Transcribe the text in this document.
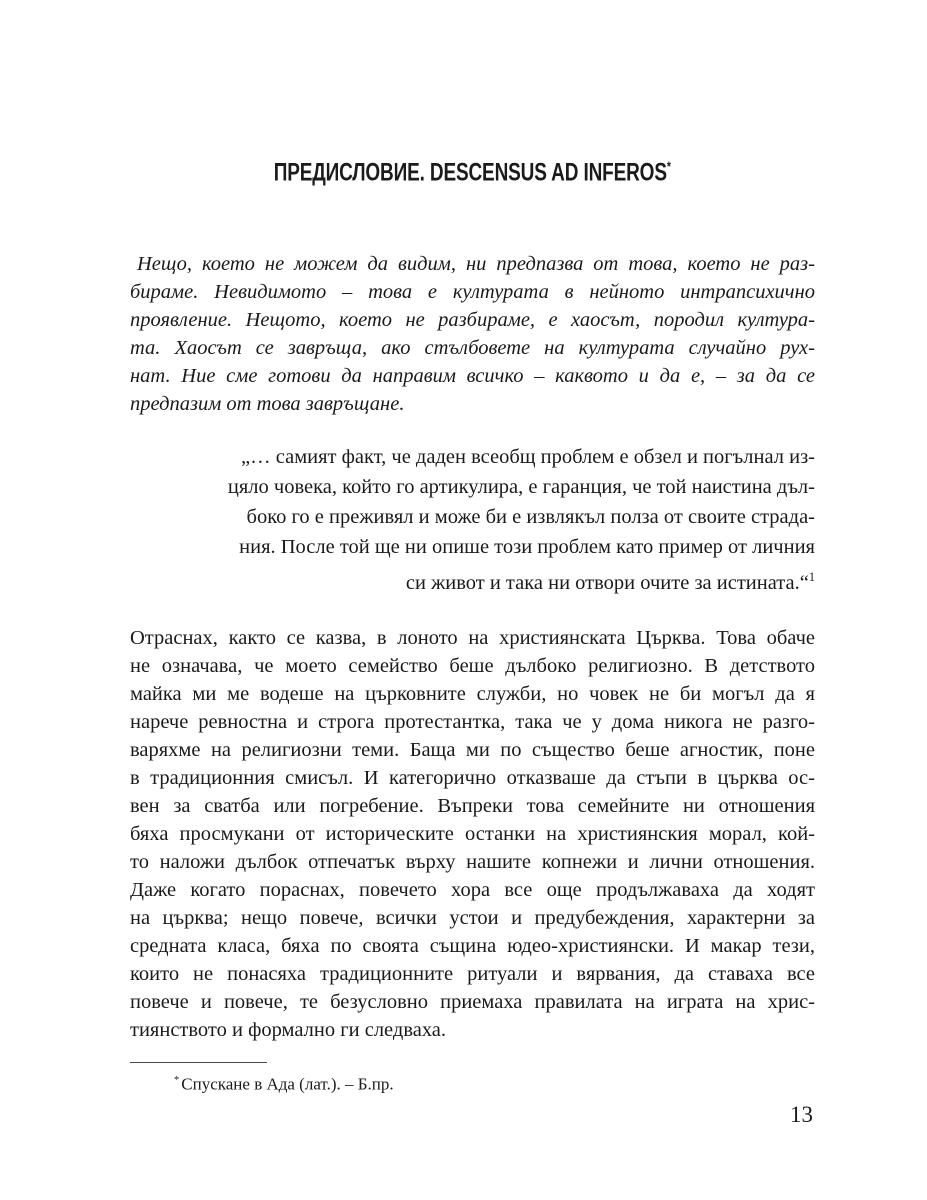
ПРЕДИСЛОВИЕ. DESCENSUS AD INFEROS*
Нещо, което не можем да видим, ни предпазва от това, което не раз-
бираме. Невидимото – това е културата в нейното интрапсихично
проявление. Нещото, което не разбираме, е хаосът, породил култура-
та. Хаосът се завръща, ако стълбовете на културата случайно рух-
нат. Ние сме готови да направим всичко – каквото и да е, – за да се
предпазим от това завръщане.
„… самият факт, че даден всеобщ проблем е обзел и погълнал из-
цяло човека, който го артикулира, е гаранция, че той наистина дъл-
боко го е преживял и може би е извлякъл полза от своите страда-
ния. После той ще ни опише този проблем като пример от личния
си живот и така ни отвори очите за истината.“$^1$
Отраснах, както се казва, в лоното на християнската Църква. Това обаче
не означава, че моето семейство беше дълбоко религиозно. В детството
майка ми ме водеше на църковните служби, но човек не би могъл да я
нарече ревностна и строга протестантка, така че у дома никога не разго-
варяхме на религиозни теми. Баща ми по същество беше агностик, поне
в традиционния смисъл. И категорично отказваше да стъпи в църква ос-
вен за сватба или погребение. Въпреки това семейните ни отношения
бяха просмукани от историческите останки на християнския морал, кой-
то наложи дълбок отпечатък върху нашите копнежи и лични отношения.
Даже когато пораснах, повечето хора все още продължаваха да ходят
на църква; нещо повече, всички устои и предубеждения, характерни за
средната класа, бяха по своята същина юдео-християнски. И макар тези,
които не понасяха традиционните ритуали и вярвания, да ставаха все
повече и повече, те безусловно приемаха правилата на играта на хрис-
тиянството и формално ги следваха.
* Спускане в Ада (лат.). – Б.пр.
13
